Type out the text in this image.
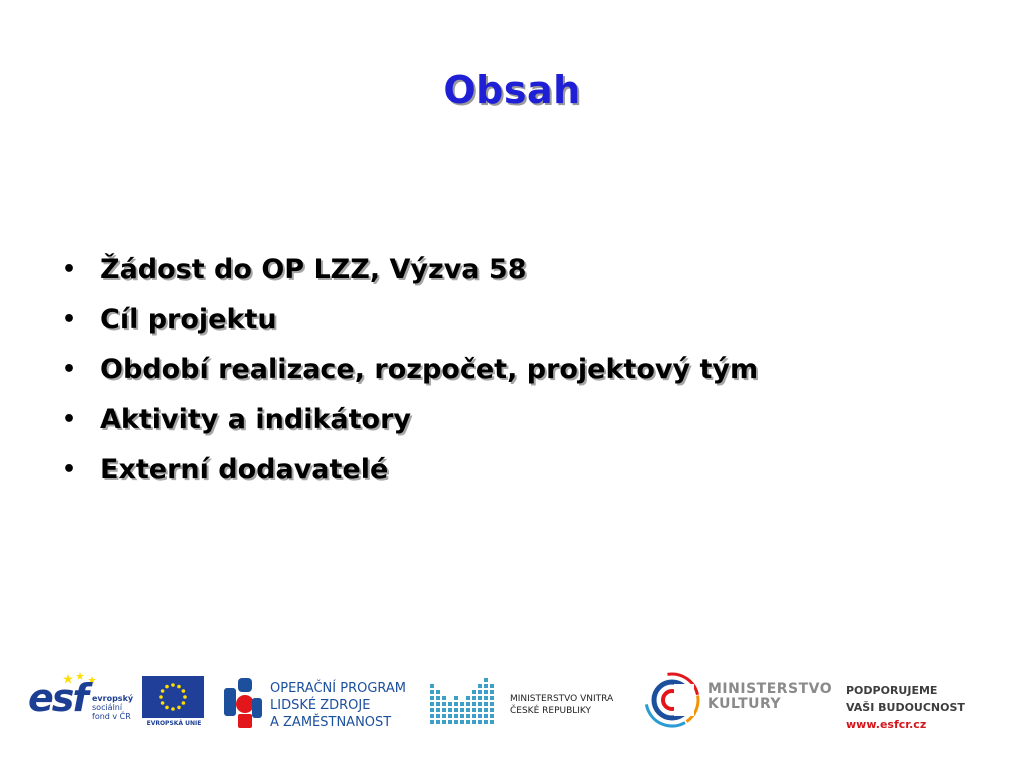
Obsah
• Žádost do OP LZZ, Výzva 58
• Cíl projektu
• Období realizace, rozpočet, projektový tým
• Aktivity a indikátory
• Externí dodavatelé
esf evropský
sociální
fond v ČR
EVROPSKÁ UNIE
OPERAČNÍ PROGRAM
LIDSKÉ ZDROJE
A ZAMĚSTNANOST
MINISTERSTVO VNITRA
ČESKÉ REPUBLIKY
MINISTERSTVO
KULTURY
PODPORUJEME
VAŠI BUDOUCNOST
www.esfcr.cz
